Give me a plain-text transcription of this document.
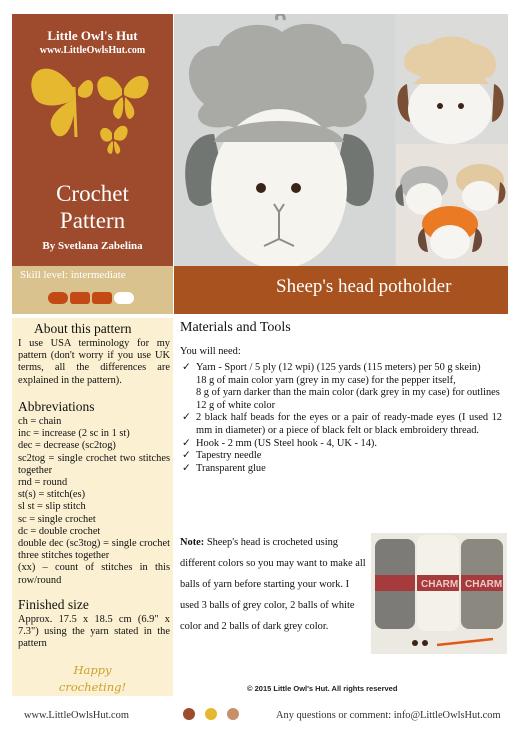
Little Owl's Hut
www.LittleOwlsHut.com
Crochet
Pattern
By Svetlana Zabelina
Skill level: intermediate
Sheep's head potholder
About this pattern
I use USA terminology for my pattern (don't worry if you use UK terms, all the differences are explained in the pattern).
Abbreviations
ch = chain
inc = increase (2 sc in 1 st)
dec = decrease (sc2tog)
sc2tog = single crochet two stitches together
rnd = round
st(s) = stitch(es)
sl st = slip stitch
sc = single crochet
dc = double crochet
double dec (sc3tog) = single crochet three stitches together
(xx) – count of stitches in this row/round
Finished size
Approx. 17.5 x 18.5 cm (6.9" x 7.3") using the yarn stated in the pattern
Happy
crocheting!
Materials and Tools
You will need:
✓ Yarn - Sport / 5 ply (12 wpi) (125 yards (115 meters) per 50 g skein)
18 g of main color yarn (grey in my case) for the pepper itself,
8 g of yarn darker than the main color (dark grey in my case) for outlines
12 g of white color
✓ 2 black half beads for the eyes or a pair of ready-made eyes (I used 12 mm in diameter) or a piece of black felt or black embroidery thread.
✓ Hook - 2 mm (US Steel hook - 4, UK - 14).
✓ Tapestry needle
✓ Transparent glue
Note: Sheep's head is crocheted using different colors so you may want to make all balls of yarn before starting your work. I used 3 balls of grey color, 2 balls of white color and 2 balls of dark grey color.
CHARM CHARM
© 2015 Little Owl's Hut. All rights reserved
www.LittleOwlsHut.com	Any questions or comment: info@LittleOwlsHut.com
